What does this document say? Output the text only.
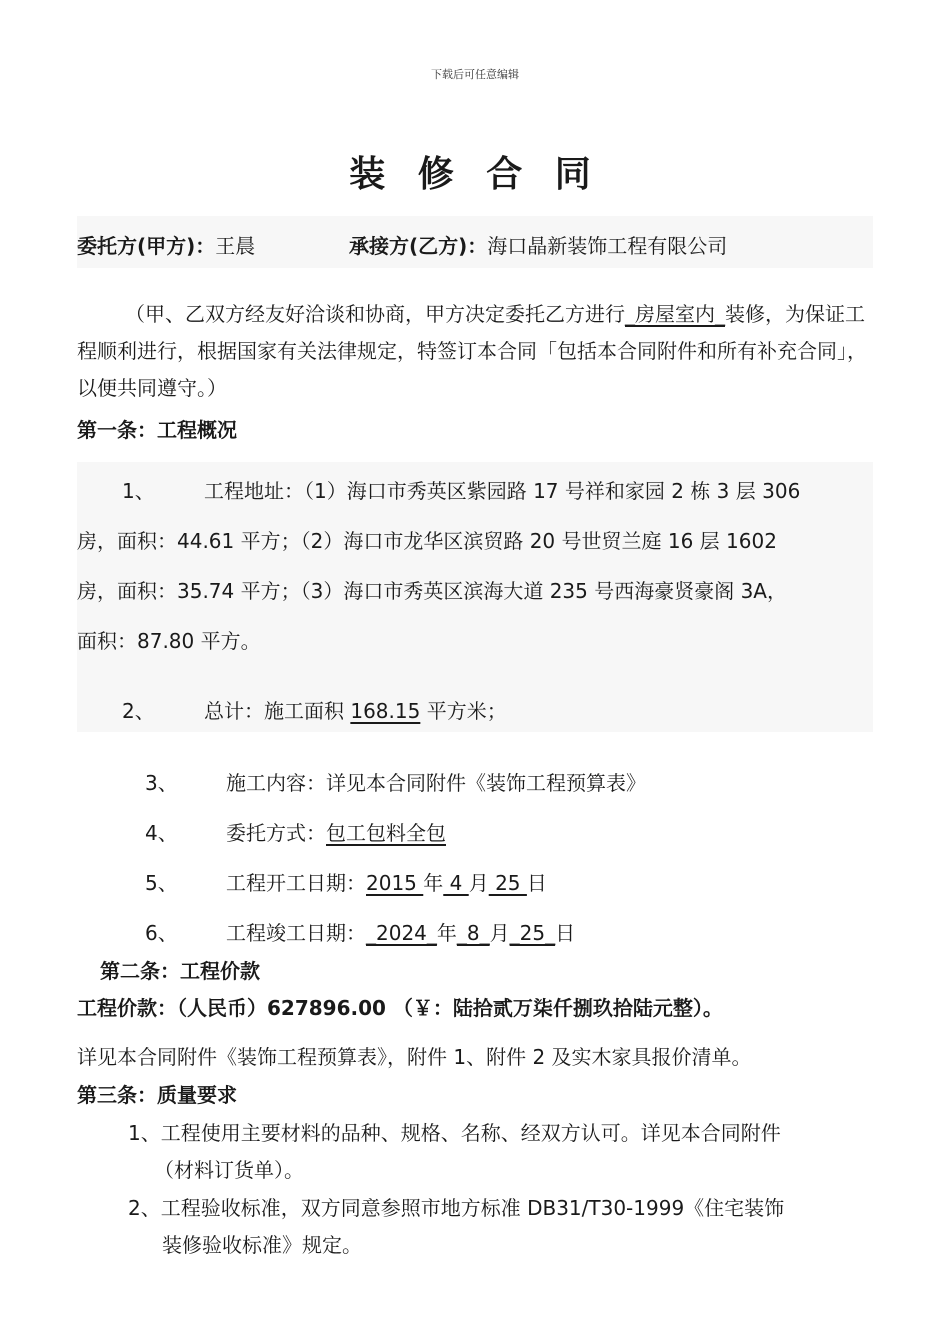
下载后可任意编辑
装 修 合 同
委托方(甲方)：王晨	承接方(乙方)：海口晶新装饰工程有限公司
（甲、乙双方经友好洽谈和协商，甲方决定委托乙方进行_房屋室内_装修，为保证工程顺利进行，根据国家有关法律规定，特签订本合同「包括本合同附件和所有补充合同」，以便共同遵守。）
第一条：工程概况
1、 工程地址：（1）海口市秀英区紫园路 17 号祥和家园 2 栋 3 层 306
房，面积：44.61 平方；（2）海口市龙华区滨贸路 20 号世贸兰庭 16 层 1602
房，面积：35.74 平方；（3）海口市秀英区滨海大道 235 号西海豪贤豪阁 3A，
面积：87.80 平方。
2、 总计：施工面积 168.15 平方米；
3、 施工内容：详见本合同附件《装饰工程预算表》
4、 委托方式：包工包料全包
5、 工程开工日期：2015 年 4 月 25 日
6、 工程竣工日期：_2024_年_8_月_25_日
第二条：工程价款
工程价款：（人民币）627896.00 （￥：陆拾贰万柒仟捌玖拾陆元整）。
详见本合同附件《装饰工程预算表》，附件 1、附件 2 及实木家具报价清单。
第三条：质量要求
1、工程使用主要材料的品种、规格、名称、经双方认可。详见本合同附件
（材料订货单）。
2、工程验收标准，双方同意参照市地方标准 DB31/T30-1999《住宅装饰
装修验收标准》规定。
